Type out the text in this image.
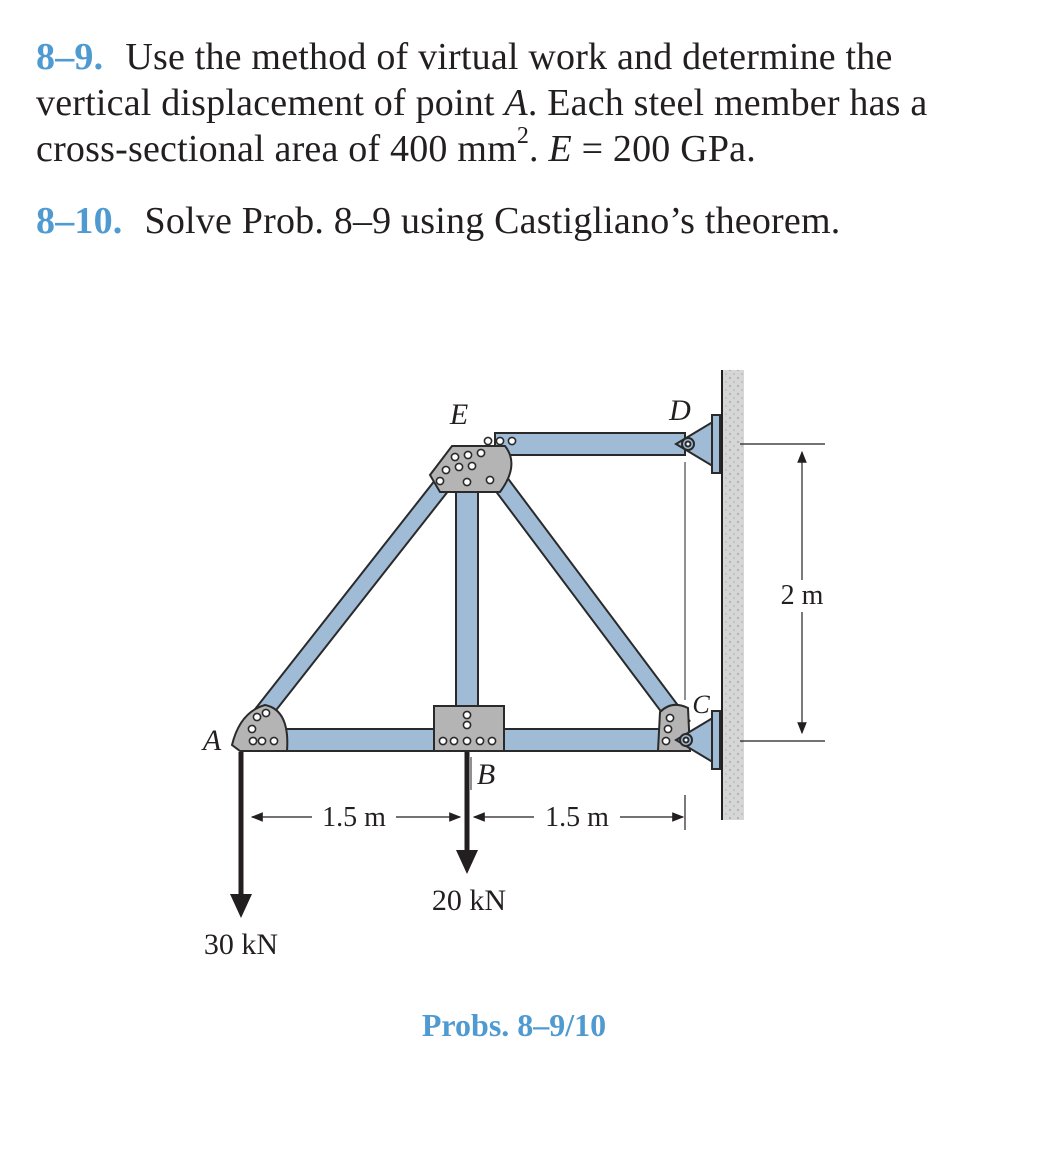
8–9. Use the method of virtual work and determine the vertical displacement of point A. Each steel member has a cross-sectional area of 400 $mm^2$. E = 200 GPa.
8–10. Solve Prob. 8–9 using Castigliano’s theorem.
2 m
1.5 m	1.5 m
30 kN
20 kN
E	D
A
B
C
Probs. 8–9/10
